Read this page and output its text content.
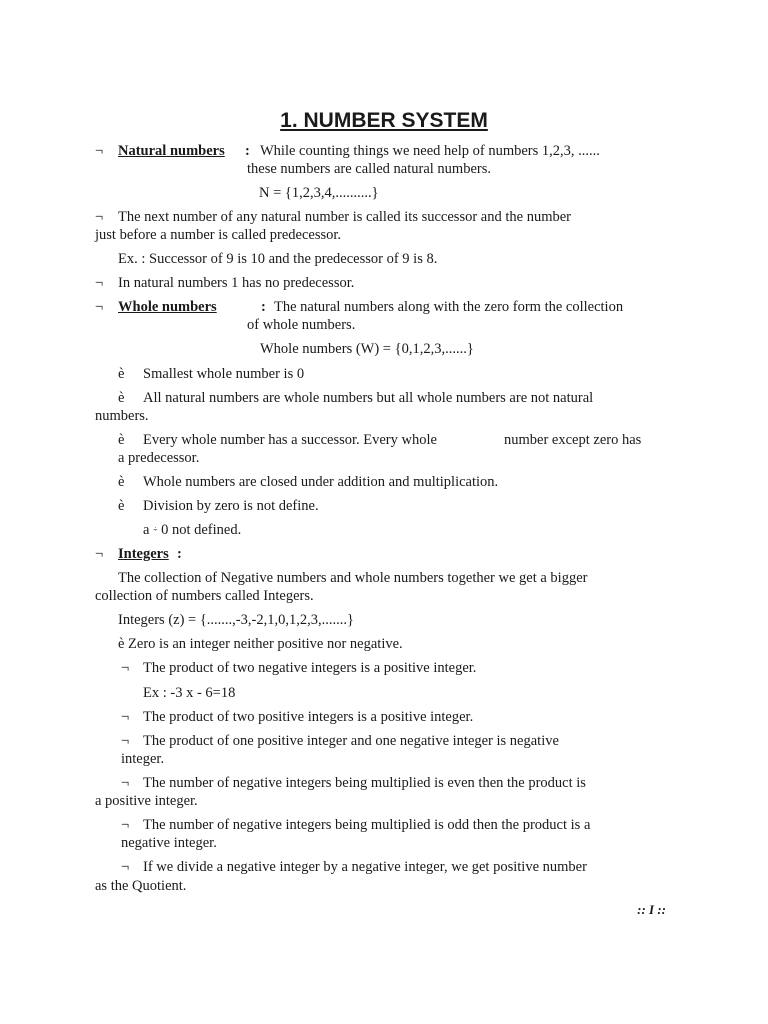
1. NUMBER SYSTEM
¬ Natural numbers : While counting things we need help of numbers 1,2,3, ......
these numbers are called natural numbers.
N = {1,2,3,4,..........}
¬ The next number of any natural number is called its successor and the number
just before a number is called predecessor.
Ex. : Successor of 9 is 10 and the predecessor of 9 is 8.
¬ In natural numbers 1 has no predecessor.
¬ Whole numbers	: The natural numbers along with the zero form the collection
of whole numbers.
Whole numbers (W) = {0,1,2,3,......}
è Smallest whole number is 0
è All natural numbers are whole numbers but all whole numbers are not natural
numbers.
è Every whole number has a successor. Every whole	number except zero has
a predecessor.
è Whole numbers are closed under addition and multiplication.
è Division by zero is not define.
a ÷ 0 not defined.
¬ Integers :
The collection of Negative numbers and whole numbers together we get a bigger
collection of numbers called Integers.
Integers (z) = {.......,-3,-2,1,0,1,2,3,.......}
è Zero is an integer neither positive nor negative.
¬ The product of two negative integers is a positive integer.
Ex : -3 x - 6=18
¬ The product of two positive integers is a positive integer.
¬ The product of one positive integer and one negative integer is negative
integer.
¬ The number of negative integers being multiplied is even then the product is
a positive integer.
¬ The number of negative integers being multiplied is odd then the product is a
negative integer.
¬ If we divide a negative integer by a negative integer, we get positive number
as the Quotient.
:: I ::
